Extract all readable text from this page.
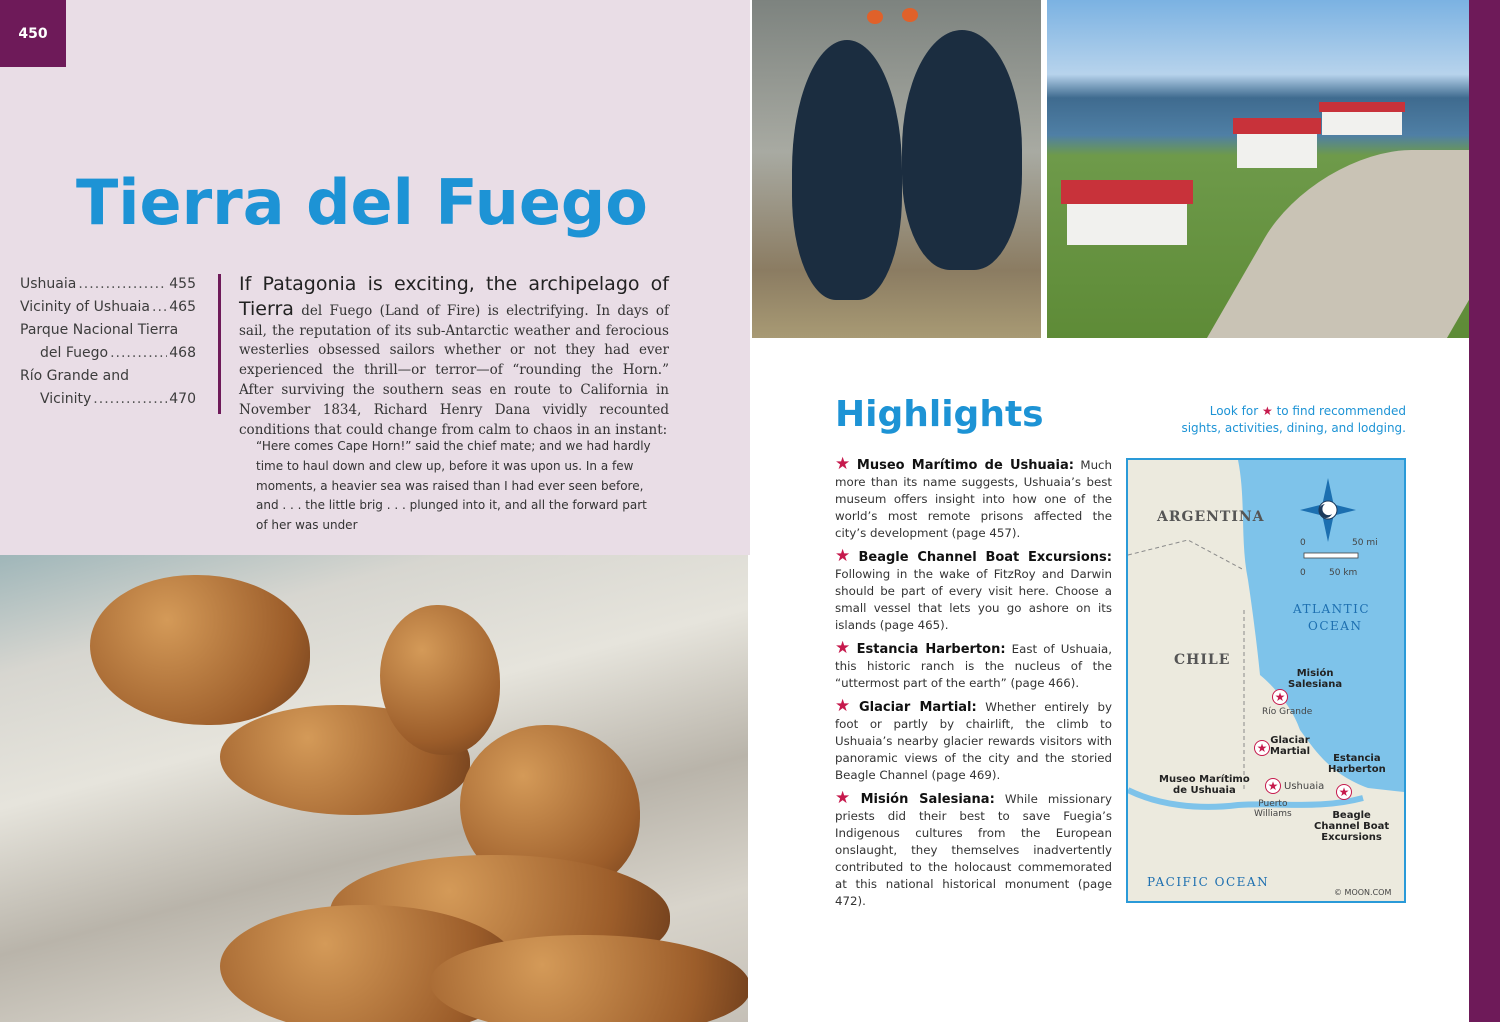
450
Tierra del Fuego
Ushuaia .....	455
Vicinity of Ushuaia ..... 465
Parque Nacional Tierra
del Fuego .....	468
Río Grande and
Vicinity .....	470
If Patagonia is exciting, the archipelago of Tierra del Fuego (Land of Fire) is electrifying. In days of sail, the reputation of its sub-Antarctic weather and ferocious westerlies obsessed sailors whether or not they had ever experienced the thrill—or terror—of “rounding the Horn.” After surviving the southern seas en route to California in November 1834, Richard Henry Dana vividly recounted conditions that could change from calm to chaos in an instant:
“Here comes Cape Horn!” said the chief mate; and we had hardly time to haul down and clew up, before it was upon us. In a few moments, a heavier sea was raised than I had ever seen before, and . . . the little brig . . . plunged into it, and all the forward part of her was under
Highlights	Look for ★ to find recommended
sights, activities, dining, and lodging.
★ Museo Marítimo de Ushuaia: Much more than its name suggests, Ushuaia’s best museum offers insight into how one of the world’s most remote prisons affected the city’s development (page 457).
★ Beagle Channel Boat Excursions: Following in the wake of FitzRoy and Darwin should be part of every visit here. Choose a small vessel that lets you go ashore on its islands (page 465).
★ Estancia Harberton: East of Ushuaia, this historic ranch is the nucleus of the “uttermost part of the earth” (page 466).
★ Glaciar Martial: Whether entirely by foot or partly by chairlift, the climb to Ushuaia’s nearby glacier rewards visitors with panoramic views of the city and the storied Beagle Channel (page 469).
★ Misión Salesiana: While missionary priests did their best to save Fuegia’s Indigenous cultures from the European onslaught, they themselves inadvertently contributed to the holocaust commemorated at this national historical monument (page 472).
ARGENTINA
CHILE
ATLANTIC
OCEAN
PACIFIC OCEAN
0	50 mi
0	50 km
Misión
Salesiana
★
Río Grande
Glaciar
Martial
★
Estancia
Harberton
Museo Marítimo
de Ushuaia	★ Ushuaia ★
Puerto
Williams	Beagle
Channel Boat
Excursions
© MOON.COM
